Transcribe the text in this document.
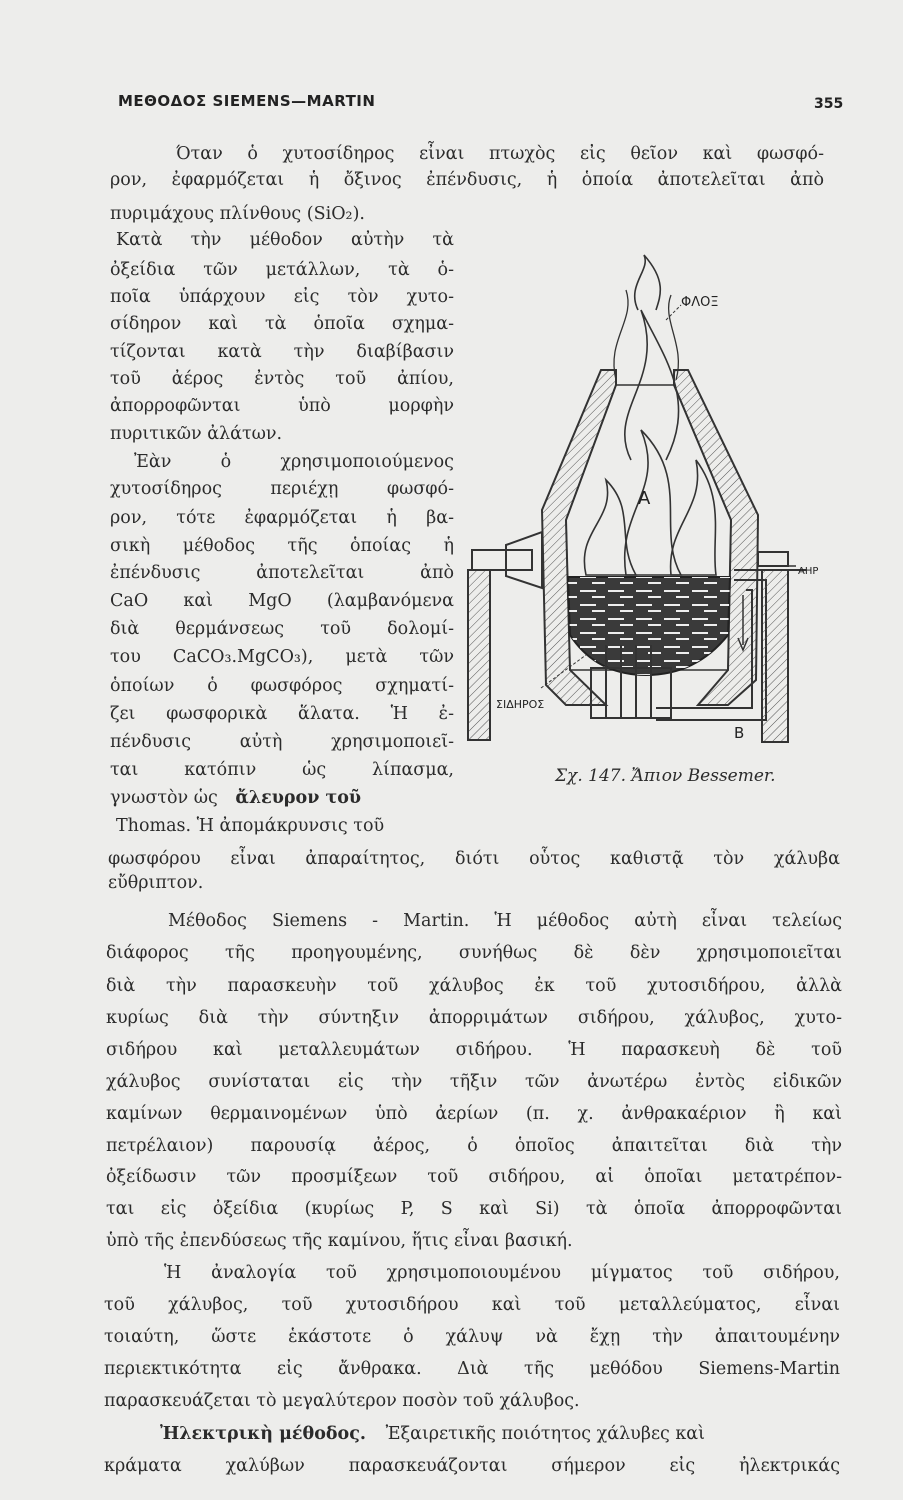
ΜΕΘΟΔΟΣ SIEMENS—MARTIN	355
Όταν ὁ χυτοσίδηρος εἶναι πτωχὸς εἰς θεῖον καὶ φωσφό-
ρον, ἐφαρμόζεται ἡ ὄξινος ἐπένδυσις, ἡ ὁποία ἀποτελεῖται ἀπὸ
πυριμάχους πλίνθους (SiO₂).
Κατὰ τὴν μέθοδον αὐτὴν τὰ
ὀξείδια τῶν μετάλλων, τὰ ὁ-
ποῖα ὑπάρχουν εἰς τὸν χυτο-
σίδηρον καὶ τὰ ὁποῖα σχημα-
τίζονται κατὰ τὴν διαβίβασιν
τοῦ ἀέρος ἐντὸς τοῦ ἀπίου,
ἀπορροφῶνται ὑπὸ μορφὴν
πυριτικῶν ἀλάτων.
Ἐὰν ὁ χρησιμοποιούμενος
χυτοσίδηρος περιέχῃ φωσφό-
ρον, τότε ἐφαρμόζεται ἡ βα-
σικὴ μέθοδος τῆς ὁποίας ἡ
ἐπένδυσις ἀποτελεῖται ἀπὸ
CaO καὶ MgO (λαμβανόμενα
διὰ θερμάνσεως τοῦ δολομί-
του CaCO₃.MgCO₃), μετὰ τῶν
ὁποίων ὁ φωσφόρος σχηματί-
ζει φωσφορικὰ ἅλατα. Ἡ ἐ-
πένδυσις αὐτὴ χρησιμοποιεῖ-
ται κατόπιν ὡς λίπασμα,
γνωστὸν ὡς ἄλευρον τοῦ
Thomas. Ἡ ἀπομάκρυνσις τοῦ
φωσφόρου εἶναι ἀπαραίτητος, διότι οὗτος καθιστᾷ τὸν χάλυβα
εὔθριπτον.
Μέθοδος Siemens - Martin. Ἡ μέθοδος αὐτὴ εἶναι τελείως
διάφορος τῆς προηγουμένης, συνήθως δὲ δὲν χρησιμοποιεῖται
διὰ τὴν παρασκευὴν τοῦ χάλυβος ἐκ τοῦ χυτοσιδήρου, ἀλλὰ
κυρίως διὰ τὴν σύντηξιν ἀπορριμάτων σιδήρου, χάλυβος, χυτο-
σιδήρου καὶ μεταλλευμάτων σιδήρου. Ἡ παρασκευὴ δὲ τοῦ
χάλυβος συνίσταται εἰς τὴν τῆξιν τῶν ἀνωτέρω ἐντὸς εἰδικῶν
καμίνων θερμαινομένων ὑπὸ ἀερίων (π. χ. ἀνθρακαέριον ἢ καὶ
πετρέλαιον) παρουσίᾳ ἀέρος, ὁ ὁποῖος ἀπαιτεῖται διὰ τὴν
ὀξείδωσιν τῶν προσμίξεων τοῦ σιδήρου, αἱ ὁποῖαι μετατρέπον-
ται εἰς ὀξείδια (κυρίως P, S καὶ Si) τὰ ὁποῖα ἀπορροφῶνται
ὑπὸ τῆς ἐπενδύσεως τῆς καμίνου, ἥτις εἶναι βασική.
Ἡ ἀναλογία τοῦ χρησιμοποιουμένου μίγματος τοῦ σιδήρου,
τοῦ χάλυβος, τοῦ χυτοσιδήρου καὶ τοῦ μεταλλεύματος, εἶναι
τοιαύτη, ὥστε ἑκάστοτε ὁ χάλυψ νὰ ἔχῃ τὴν ἀπαιτουμένην
περιεκτικότητα εἰς ἄνθρακα. Διὰ τῆς μεθόδου Siemens-Martin
παρασκευάζεται τὸ μεγαλύτερον ποσὸν τοῦ χάλυβος.
Ἠλεκτρικὴ μέθοδος. Ἐξαιρετικῆς ποιότητος χάλυβες καὶ
κράματα χαλύβων παρασκευάζονται σήμερον εἰς ἠλεκτρικάς
ΦΛΟΞ
ΑΗΡ
ΣΙΔΗΡΟΣ
Α
Β
Σχ. 147. Ἄπιον Bessemer.
